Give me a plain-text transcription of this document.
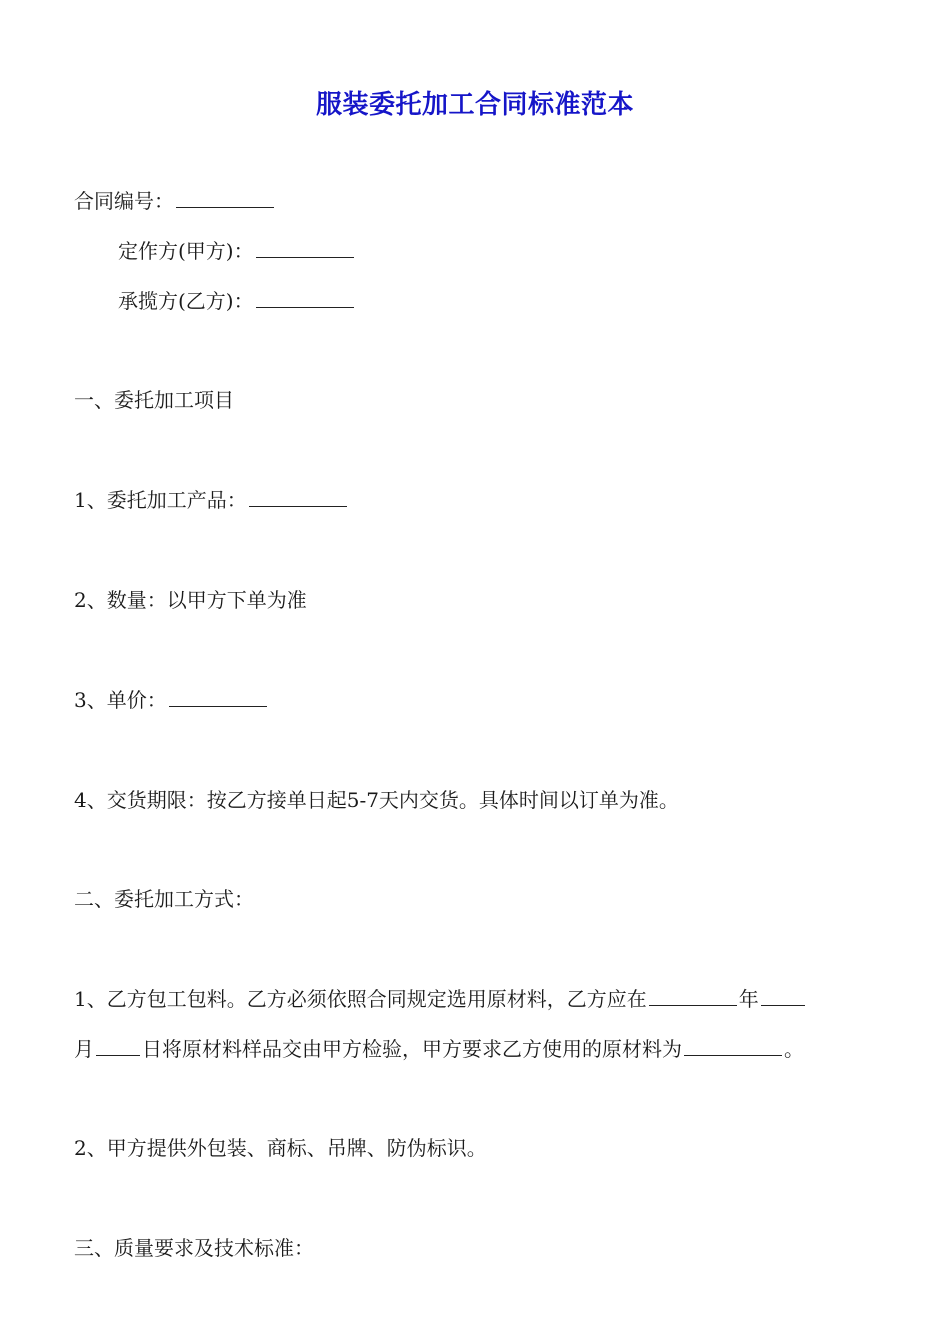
服装委托加工合同标准范本
合同编号：
定作方(甲方)：
承揽方(乙方)：
一、委托加工项目
1、委托加工产品：
2、数量：以甲方下单为准
3、单价：
4、交货期限：按乙方接单日起5-7天内交货。具体时间以订单为准。
二、委托加工方式：
1、乙方包工包料。乙方必须依照合同规定选用原材料，乙方应在	年
月 日将原材料样品交由甲方检验，甲方要求乙方使用的原材料为	。
2、甲方提供外包装、商标、吊牌、防伪标识。
三、质量要求及技术标准：
